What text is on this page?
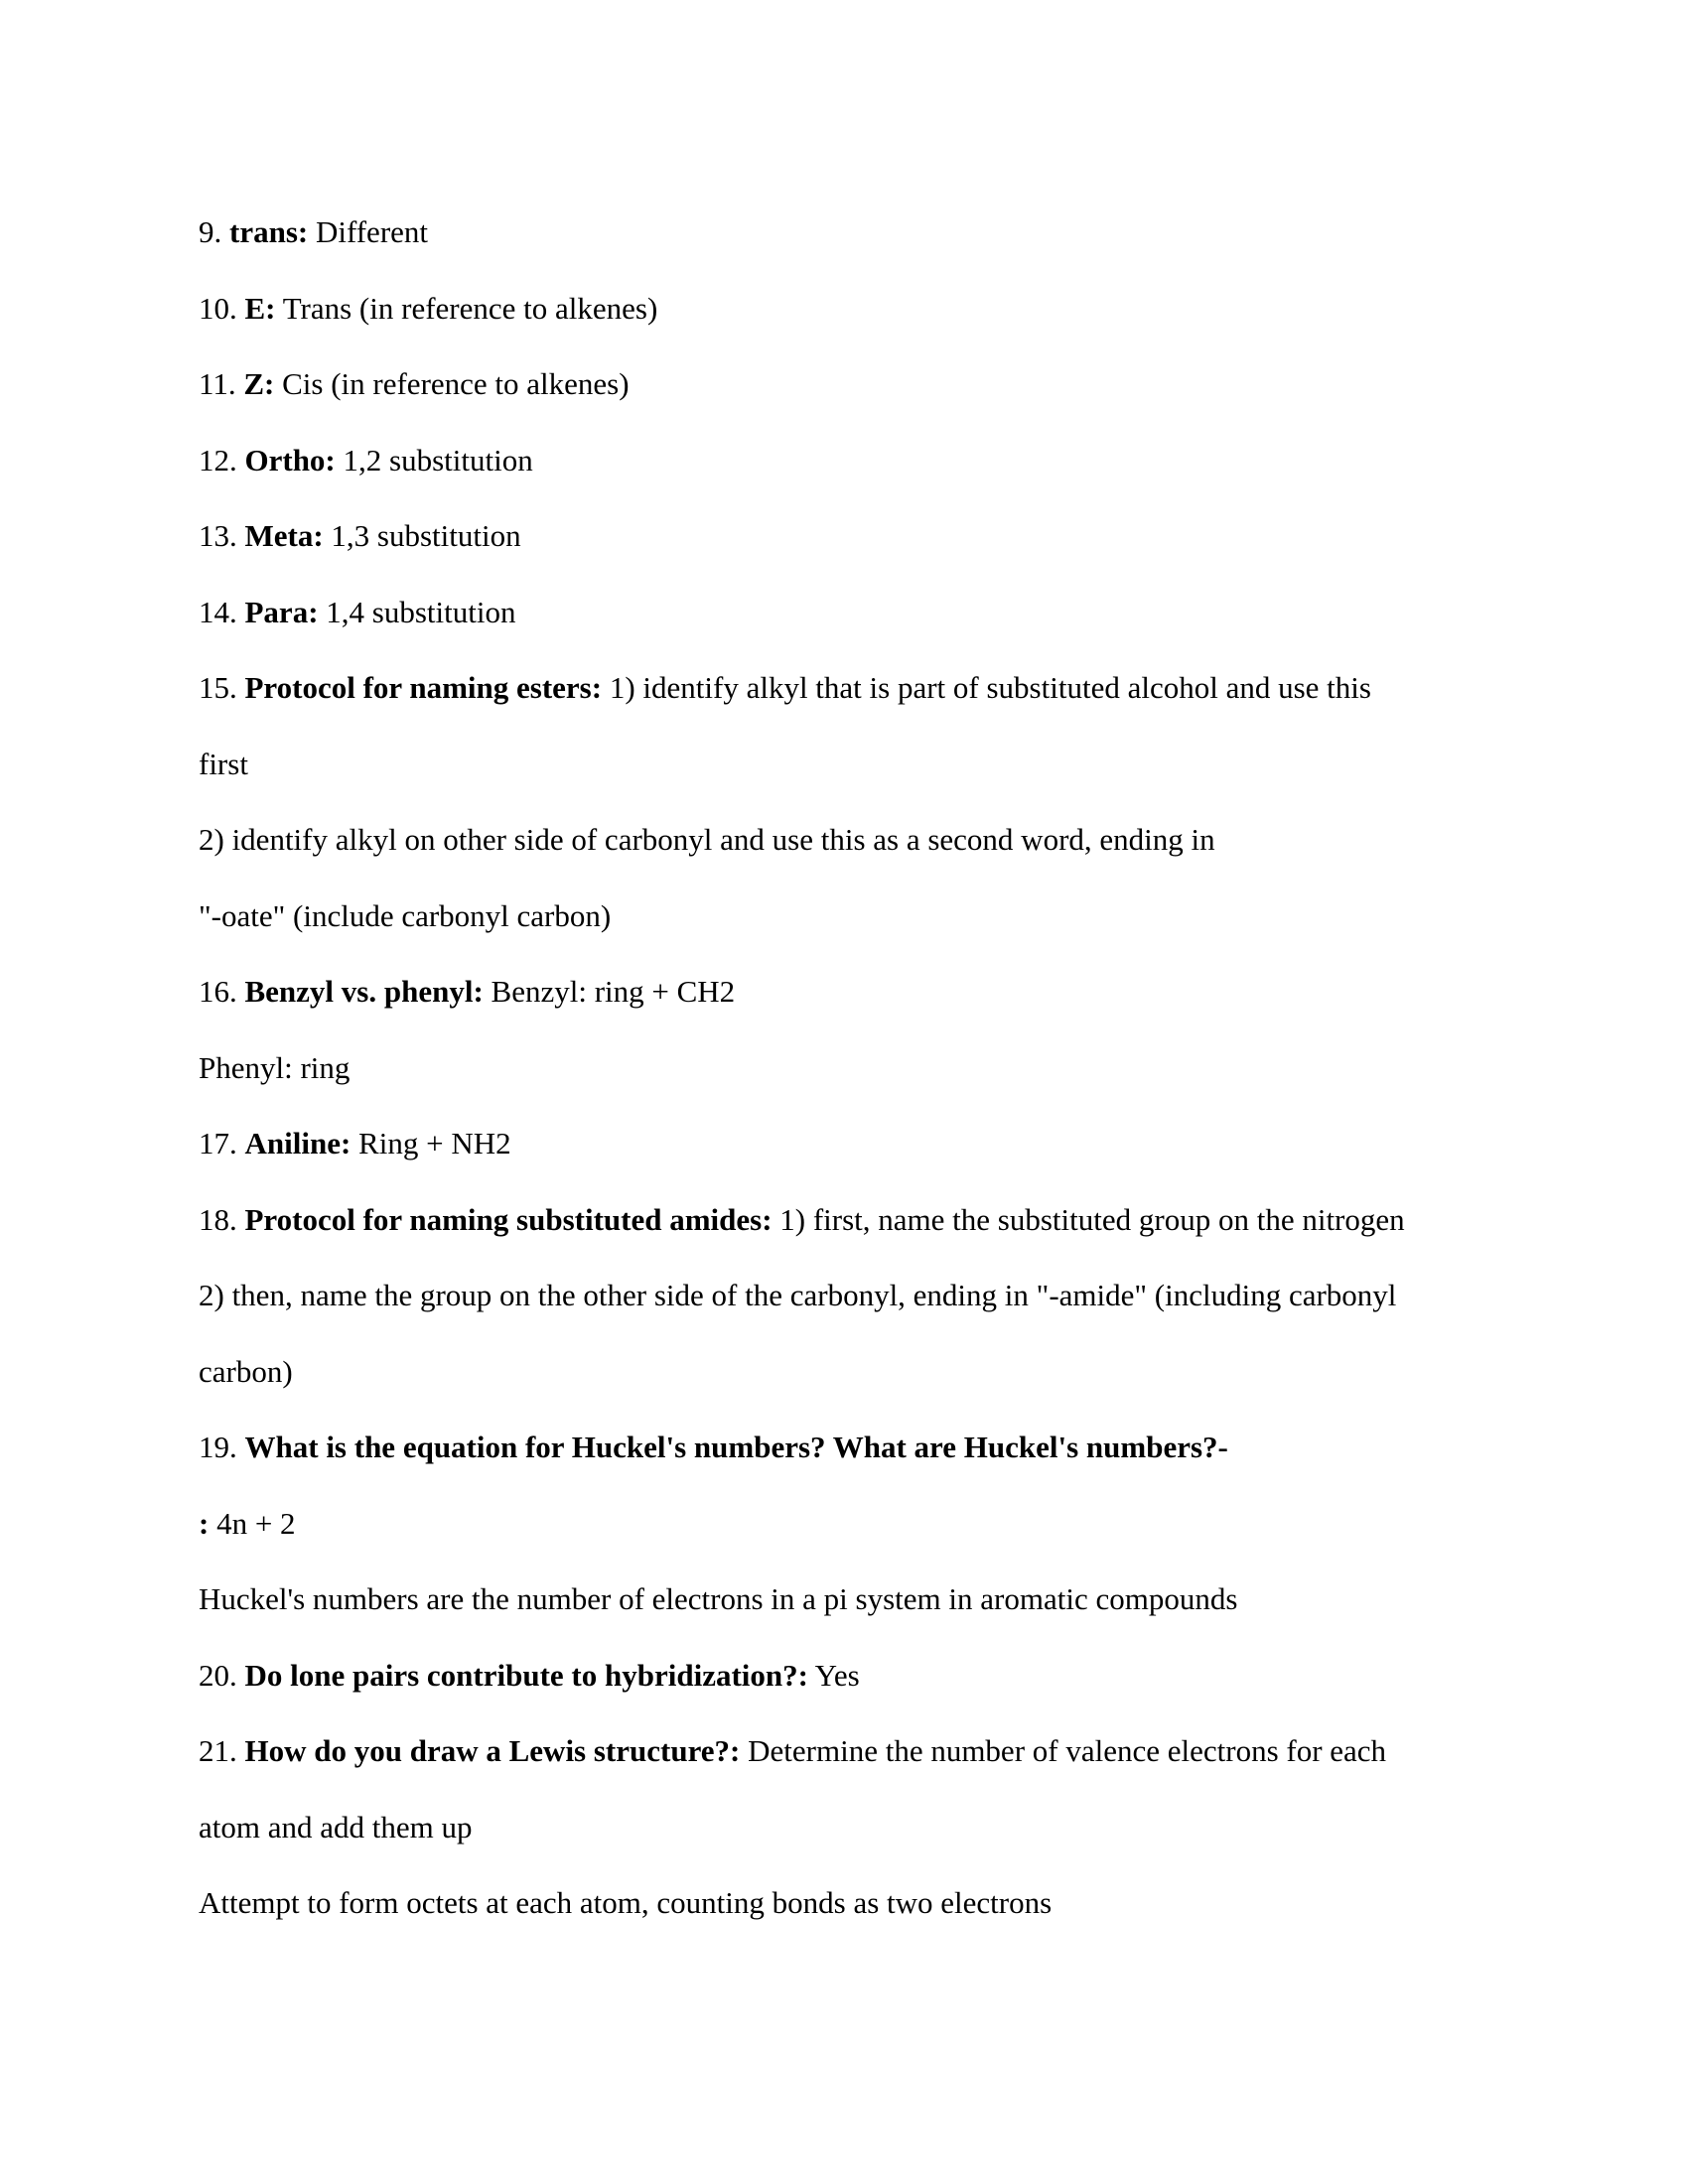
9. trans: Different
10. E: Trans (in reference to alkenes)
11. Z: Cis (in reference to alkenes)
12. Ortho: 1,2 substitution
13. Meta: 1,3 substitution
14. Para: 1,4 substitution
15. Protocol for naming esters: 1) identify alkyl that is part of substituted alcohol and use this
first
2) identify alkyl on other side of carbonyl and use this as a second word, ending in
"-oate" (include carbonyl carbon)
16. Benzyl vs. phenyl: Benzyl: ring + CH2
Phenyl: ring
17. Aniline: Ring + NH2
18. Protocol for naming substituted amides: 1) first, name the substituted group on the nitrogen
2) then, name the group on the other side of the carbonyl, ending in "-amide" (including carbonyl
carbon)
19. What is the equation for Huckel's numbers? What are Huckel's numbers?-
: 4n + 2
Huckel's numbers are the number of electrons in a pi system in aromatic compounds
20. Do lone pairs contribute to hybridization?: Yes
21. How do you draw a Lewis structure?: Determine the number of valence electrons for each
atom and add them up
Attempt to form octets at each atom, counting bonds as two electrons
